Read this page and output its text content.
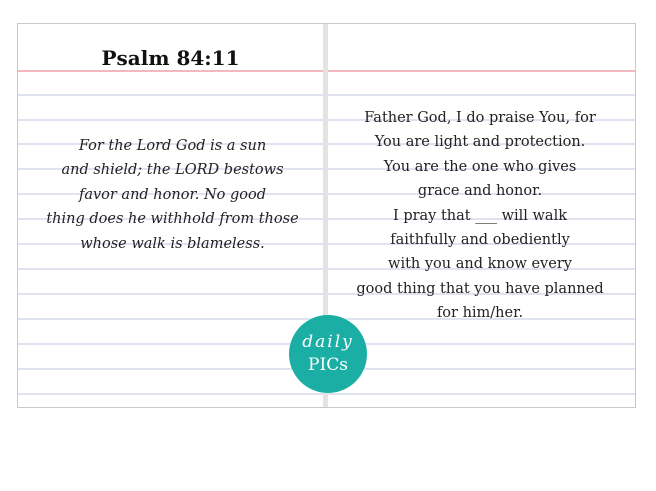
Psalm 84:11

For the Lord God is a sun
and shield; the LORD bestows
favor and honor. No good
thing does he withhold from those
whose walk is blameless.

Father God, I do praise You, for
You are light and protection.
You are the one who gives
grace and honor.
I pray that ___ will walk
faithfully and obediently
with you and know every
good thing that you have planned
for him/her.

daily
PICs
